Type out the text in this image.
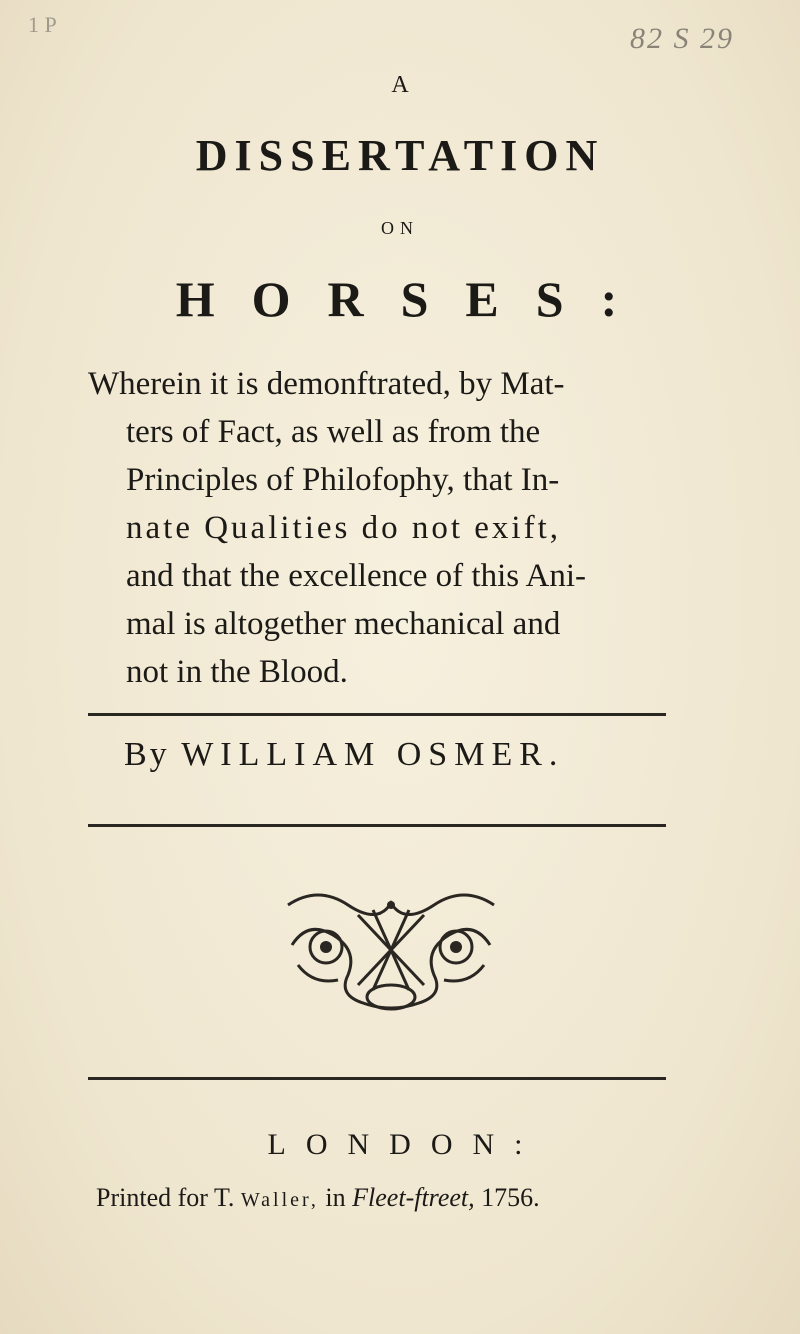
1 P	82 S 29
A
DISSERTATION
ON
HORSES:
Wherein it is demonftrated, by Mat-
ters of Fact, as well as from the
Principles of Philofophy, that In-
nate Qualities do not exift,
and that the excellence of this Ani-
mal is altogether mechanical and
not in the Blood.
By WILLIAM OSMER.
LONDON:
Printed for T. Waller, in Fleet-ftreet, 1756.
